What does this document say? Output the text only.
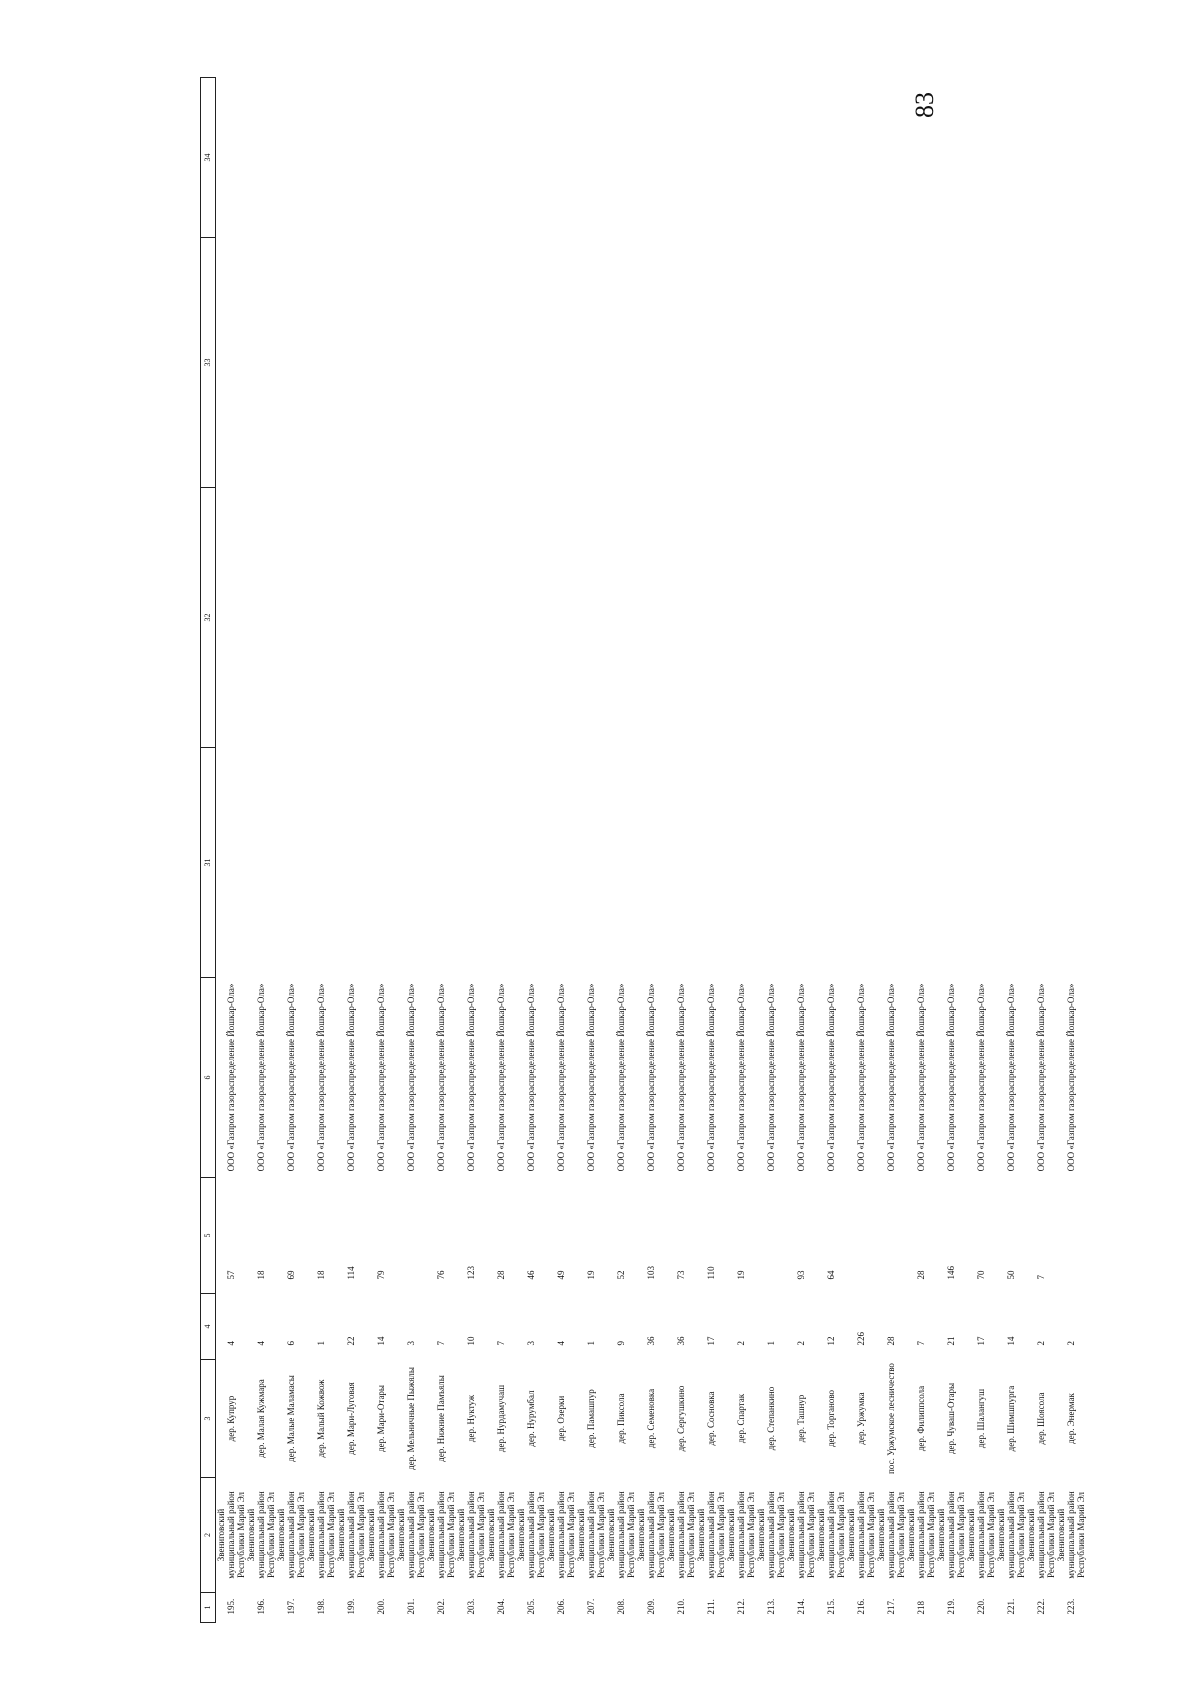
83
1	2	3	4	5	6	31	32	33	34
195.	Звениговский муниципальный район Республики Марий Эл	дер. Купрур	4	57	ООО «Газпром газораспределение Йошкар-Ола»				
196.	Звениговский муниципальный район Республики Марий Эл	дер. Малая Кужмара	4	18	ООО «Газпром газораспределение Йошкар-Ола»				
197.	Звениговский муниципальный район Республики Марий Эл	дер. Малые Маламасы	6	69	ООО «Газпром газораспределение Йошкар-Ола»				
198.	Звениговский муниципальный район Республики Марий Эл	дер. Малый Кожвож	1	18	ООО «Газпром газораспределение Йошкар-Ола»				
199.	Звениговский муниципальный район Республики Марий Эл	дер. Мари-Луговая	22	114	ООО «Газпром газораспределение Йошкар-Ола»				
200.	Звениговский муниципальный район Республики Марий Эл	дер. Мари-Отары	14	79	ООО «Газпром газораспределение Йошкар-Ола»				
201.	Звениговский муниципальный район Республики Марий Эл	дер. Мельничные Пыжялы	3		ООО «Газпром газораспределение Йошкар-Ола»				
202.	Звениговский муниципальный район Республики Марий Эл	дер. Нижние Памъялы	7	76	ООО «Газпром газораспределение Йошкар-Ола»				
203.	Звениговский муниципальный район Республики Марий Эл	дер. Нуктуж	10	123	ООО «Газпром газораспределение Йошкар-Ола»				
204.	Звениговский муниципальный район Республики Марий Эл	дер. Нурдамучаш	7	28	ООО «Газпром газораспределение Йошкар-Ола»				
205.	Звениговский муниципальный район Республики Марий Эл	дер. Нурумбал	3	46	ООО «Газпром газораспределение Йошкар-Ола»				
206.	Звениговский муниципальный район Республики Марий Эл	дер. Озерки	4	49	ООО «Газпром газораспределение Йошкар-Ола»				
207.	Звениговский муниципальный район Республики Марий Эл	дер. Памашпур	1	19	ООО «Газпром газораспределение Йошкар-Ола»				
208.	Звениговский муниципальный район Республики Марий Эл	дер. Пиксола	9	52	ООО «Газпром газораспределение Йошкар-Ола»				
209.	Звениговский муниципальный район Республики Марий Эл	дер. Семеновка	36	103	ООО «Газпром газораспределение Йошкар-Ола»				
210.	Звениговский муниципальный район Республики Марий Эл	дер. Сергушкино	36	73	ООО «Газпром газораспределение Йошкар-Ола»				
211.	Звениговский муниципальный район Республики Марий Эл	дер. Сосновка	17	110	ООО «Газпром газораспределение Йошкар-Ола»				
212.	Звениговский муниципальный район Республики Марий Эл	дер. Спартак	2	19	ООО «Газпром газораспределение Йошкар-Ола»				
213.	Звениговский муниципальный район Республики Марий Эл	дер. Степанкино	1		ООО «Газпром газораспределение Йошкар-Ола»				
214.	Звениговский муниципальный район Республики Марий Эл	дер. Ташнур	2	93	ООО «Газпром газораспределение Йошкар-Ола»				
215.	Звениговский муниципальный район Республики Марий Эл	дер. Торганово	12	64	ООО «Газпром газораспределение Йошкар-Ола»				
216.	Звениговский муниципальный район Республики Марий Эл	дер. Уржумка	226		ООО «Газпром газораспределение Йошкар-Ола»				
217.	Звениговский муниципальный район Республики Марий Эл	пос. Уржумское лесничество	28		ООО «Газпром газораспределение Йошкар-Ола»				
218	Звениговский муниципальный район Республики Марий Эл	дер. Филиппсола	7	28	ООО «Газпром газораспределение Йошкар-Ола»				
219.	Звениговский муниципальный район Республики Марий Эл	дер. Чуваш-Отары	21	146	ООО «Газпром газораспределение Йошкар-Ола»				
220.	Звениговский муниципальный район Республики Марий Эл	дер. Шалангуш	17	70	ООО «Газпром газораспределение Йошкар-Ола»				
221.	Звениговский муниципальный район Республики Марий Эл	дер. Шимшпурга	14	50	ООО «Газпром газораспределение Йошкар-Ола»				
222.	Звениговский муниципальный район Республики Марий Эл	дер. Шоясола	2	7	ООО «Газпром газораспределение Йошкар-Ола»				
223.	Звениговский муниципальный район Республики Марий Эл	дер. Энермак	2		ООО «Газпром газораспределение Йошкар-Ола»				
